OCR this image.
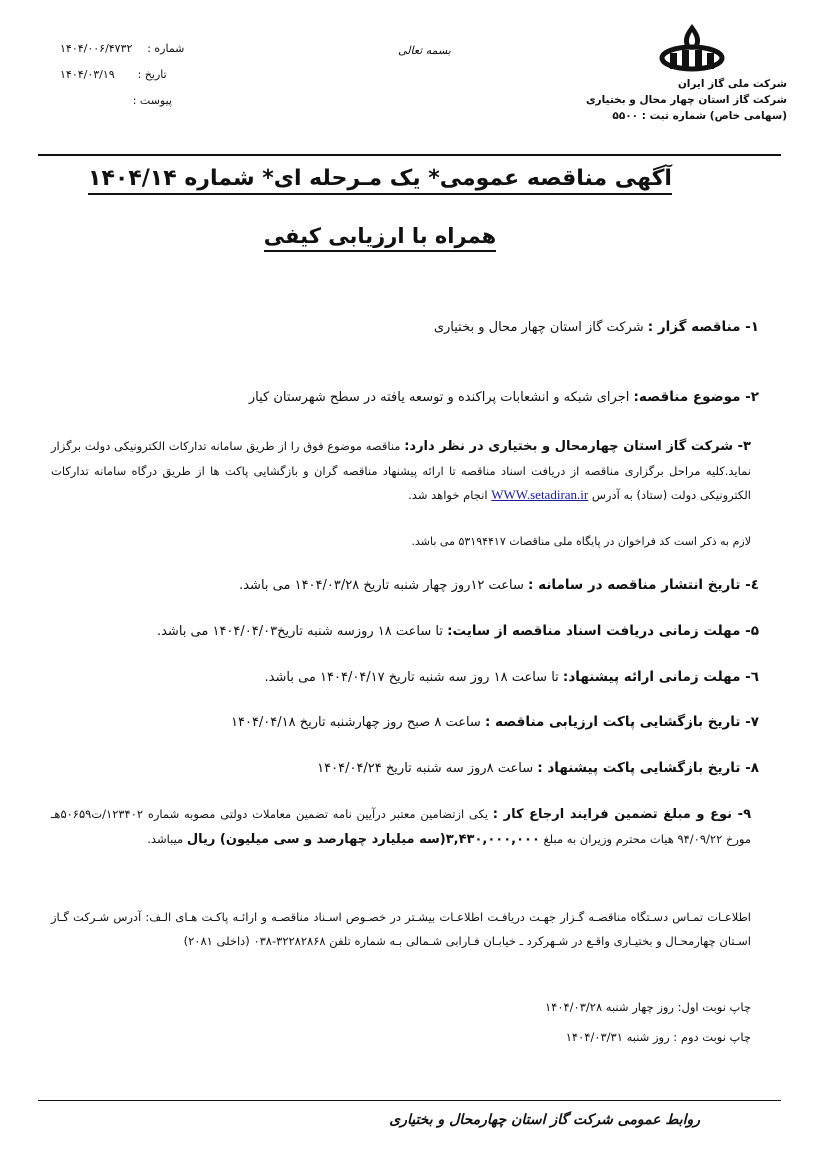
شرکت ملی گاز ایران
شرکت گاز استان چهار محال و بختیاری
(سهامی خاص) شماره ثبت : ۵۵۰۰
بسمه تعالی
شماره :
۱۴۰۴/۰۰۶/۴۷۳۲
تاریخ :
۱۴۰۴/۰۳/۱۹
پیوست :
آگهی مناقصه عمومی* یک مـرحله ای* شماره ۱۴۰۴/۱۴
همراه با ارزیابی کیفی
۱- مناقصه گزار : شرکت گاز استان چهار محال و بختیاری
۲- موضوع مناقصه: اجرای شبکه و انشعابات پراکنده و توسعه یافته در سطح شهرستان کیار
۳- شرکت گاز استان چهارمحال و بختیاری در نظر دارد: مناقصه موضوع فوق را از طریق سامانه تدارکات الکترونیکی دولت برگزار نماید.کلیه مراحل برگزاری مناقصه از دریافت اسناد مناقصه تا ارائه پیشنهاد مناقصه گران و بازگشایی پاکت ها از طریق درگاه سامانه تدارکات الکترونیکی دولت (ستاد) به آدرس WWW.setadiran.ir انجام خواهد شد.
لازم به ذکر است کد فراخوان در پایگاه ملی مناقصات ۵۳۱۹۴۴۱۷ می باشد.
٤- تاریخ انتشار مناقصه در سامانه : ساعت ۱۲روز چهار شنبه تاریخ ۱۴۰۴/۰۳/۲۸ می باشد.
۵- مهلت زمانی دریافت اسناد مناقصه از سایت: تا ساعت ۱۸ روزسه شنبه تاریخ۱۴۰۴/۰۴/۰۳ می باشد.
٦- مهلت زمانی ارائه پیشنهاد: تا ساعت ۱۸ روز سه شنبه تاریخ ۱۴۰۴/۰۴/۱۷ می باشد.
۷- تاریخ بازگشایی پاکت ارزیابی مناقصه : ساعت ۸ صبح روز چهارشنبه تاریخ ۱۴۰۴/۰۴/۱۸
۸- تاریخ بازگشایی پاکت پیشنهاد : ساعت ۸روز سه شنبه تاریخ ۱۴۰۴/۰۴/۲۴
۹- نوع و مبلغ تضمین فرایند ارجاع کار : یکی ازتضامین معتبر درآیین نامه تضمین معاملات دولتی مصوبه شماره ۱۲۳۴۰۲/ت۵۰۶۵۹هـ مورخ ۹۴/۰۹/۲۲ هیات محترم وزیران به مبلغ ۳,۴۳۰,۰۰۰,۰۰۰(سه میلیارد چهارصد و سی میلیون) ریال میباشد.
اطلاعـات تمـاس دسـتگاه مناقصـه گـزار جهـت دریافـت اطلاعـات بیشـتر در خصـوص اسـناد مناقصـه و ارائـه پاکـت هـای الـف: آدرس شـرکت گـاز اسـتان چهارمحـال و بختیـاری واقـع در شـهرکرد ـ خیابـان فـارابی شـمالی بـه شماره تلفن ۳۲۲۸۲۸۶۸-۰۳۸ (داخلی ۲۰۸۱)
چاپ نوبت اول: روز چهار شنبه ۱۴۰۴/۰۳/۲۸
چاپ نوبت دوم : روز شنبه ۱۴۰۴/۰۳/۳۱
روابط عمومی شرکت گاز استان چهارمحال و بختیاری
